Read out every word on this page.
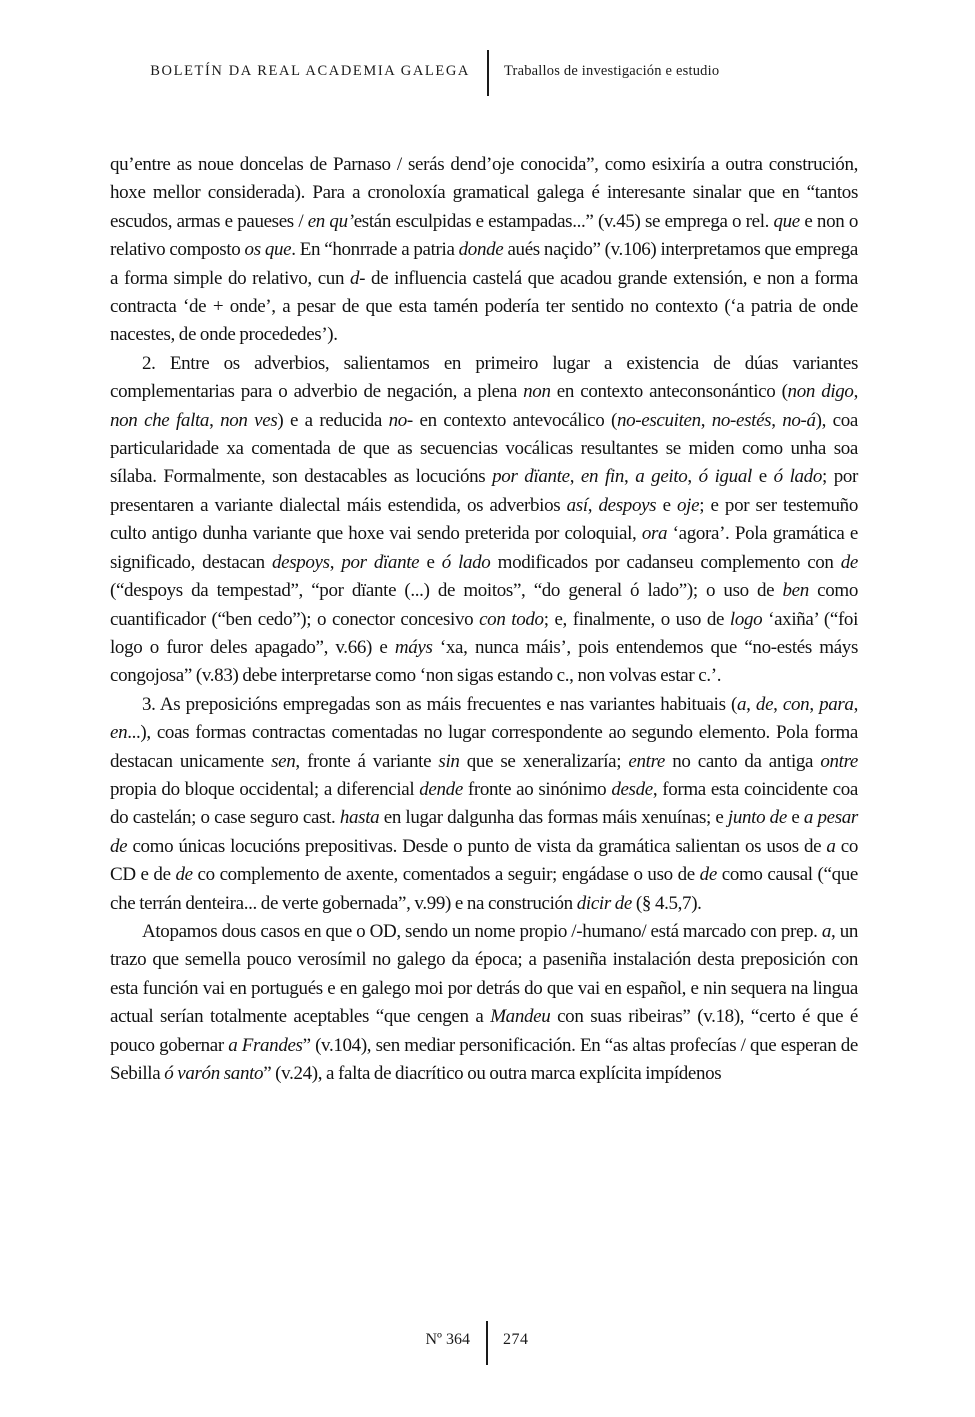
BOLETÍN DA REAL ACADEMIA GALEGA Traballos de investigación e estudio

qu’entre as noue doncelas de Parnaso / serás dend’oje conocida”, como esixiría a outra construción, hoxe mellor considerada). Para a cronoloxía gramatical galega é interesante sinalar que en “tantos escudos, armas e paueses / en qu’están esculpidas e estampadas...” (v.45) se emprega o rel. que e non o relativo composto os que. En “honrrade a patria donde aués naçido” (v.106) interpretamos que emprega a forma simple do relativo, cun d- de influencia castelá que acadou grande extensión, e non a forma contracta ‘de + onde’, a pesar de que esta tamén podería ter sentido no contexto (‘a patria de onde nacestes, de onde procededes’).

2. Entre os adverbios, salientamos en primeiro lugar a existencia de dúas variantes complementarias para o adverbio de negación, a plena non en contexto anteconsonántico (non digo, non che falta, non ves) e a reducida no- en contexto antevocálico (no-escuiten, no-estés, no-á), coa particularidade xa comentada de que as secuencias vocálicas resultantes se miden como unha soa sílaba. Formalmente, son destacables as locucións por dïante, en fin, a geito, ó igual e ó lado; por presentaren a variante dialectal máis estendida, os adverbios así, despoys e oje; e por ser testemuño culto antigo dunha variante que hoxe vai sendo preterida por coloquial, ora ‘agora’. Pola gramática e significado, destacan despoys, por dïante e ó lado modificados por cadanseu complemento con de (“despoys da tempestad”, “por dïante (...) de moitos”, “do general ó lado”); o uso de ben como cuantificador (“ben cedo”); o conector concesivo con todo; e, finalmente, o uso de logo ‘axiña’ (“foi logo o furor deles apagado”, v.66) e máys ‘xa, nunca máis’, pois entendemos que “no-estés máys congojosa” (v.83) debe interpretarse como ‘non sigas estando c., non volvas estar c.’.

3. As preposicións empregadas son as máis frecuentes e nas variantes habituais (a, de, con, para, en...), coas formas contractas comentadas no lugar correspondente ao segundo elemento. Pola forma destacan unicamente sen, fronte á variante sin que se xeneralizaría; entre no canto da antiga ontre propia do bloque occidental; a diferencial dende fronte ao sinónimo desde, forma esta coincidente coa do castelán; o case seguro cast. hasta en lugar dalgunha das formas máis xenuínas; e junto de e a pesar de como únicas locucións prepositivas. Desde o punto de vista da gramática salientan os usos de a co CD e de de co complemento de axente, comentados a seguir; engádase o uso de de como causal (“que che terrán denteira... de verte gobernada”, v.99) e na construción dicir de (§ 4.5,7).

Atopamos dous casos en que o OD, sendo un nome propio /-humano/ está marcado con prep. a, un trazo que semella pouco verosímil no galego da época; a paseniña instalación desta preposición con esta función vai en portugués e en galego moi por detrás do que vai en español, e nin sequera na lingua actual serían totalmente aceptables “que cengen a Mandeu con suas ribeiras” (v.18), “certo é que é pouco gobernar a Frandes” (v.104), sen mediar personificación. En “as altas profecías / que esperan de Sebilla ó varón santo” (v.24), a falta de diacrítico ou outra marca explícita impídenos

Nº 364 274
